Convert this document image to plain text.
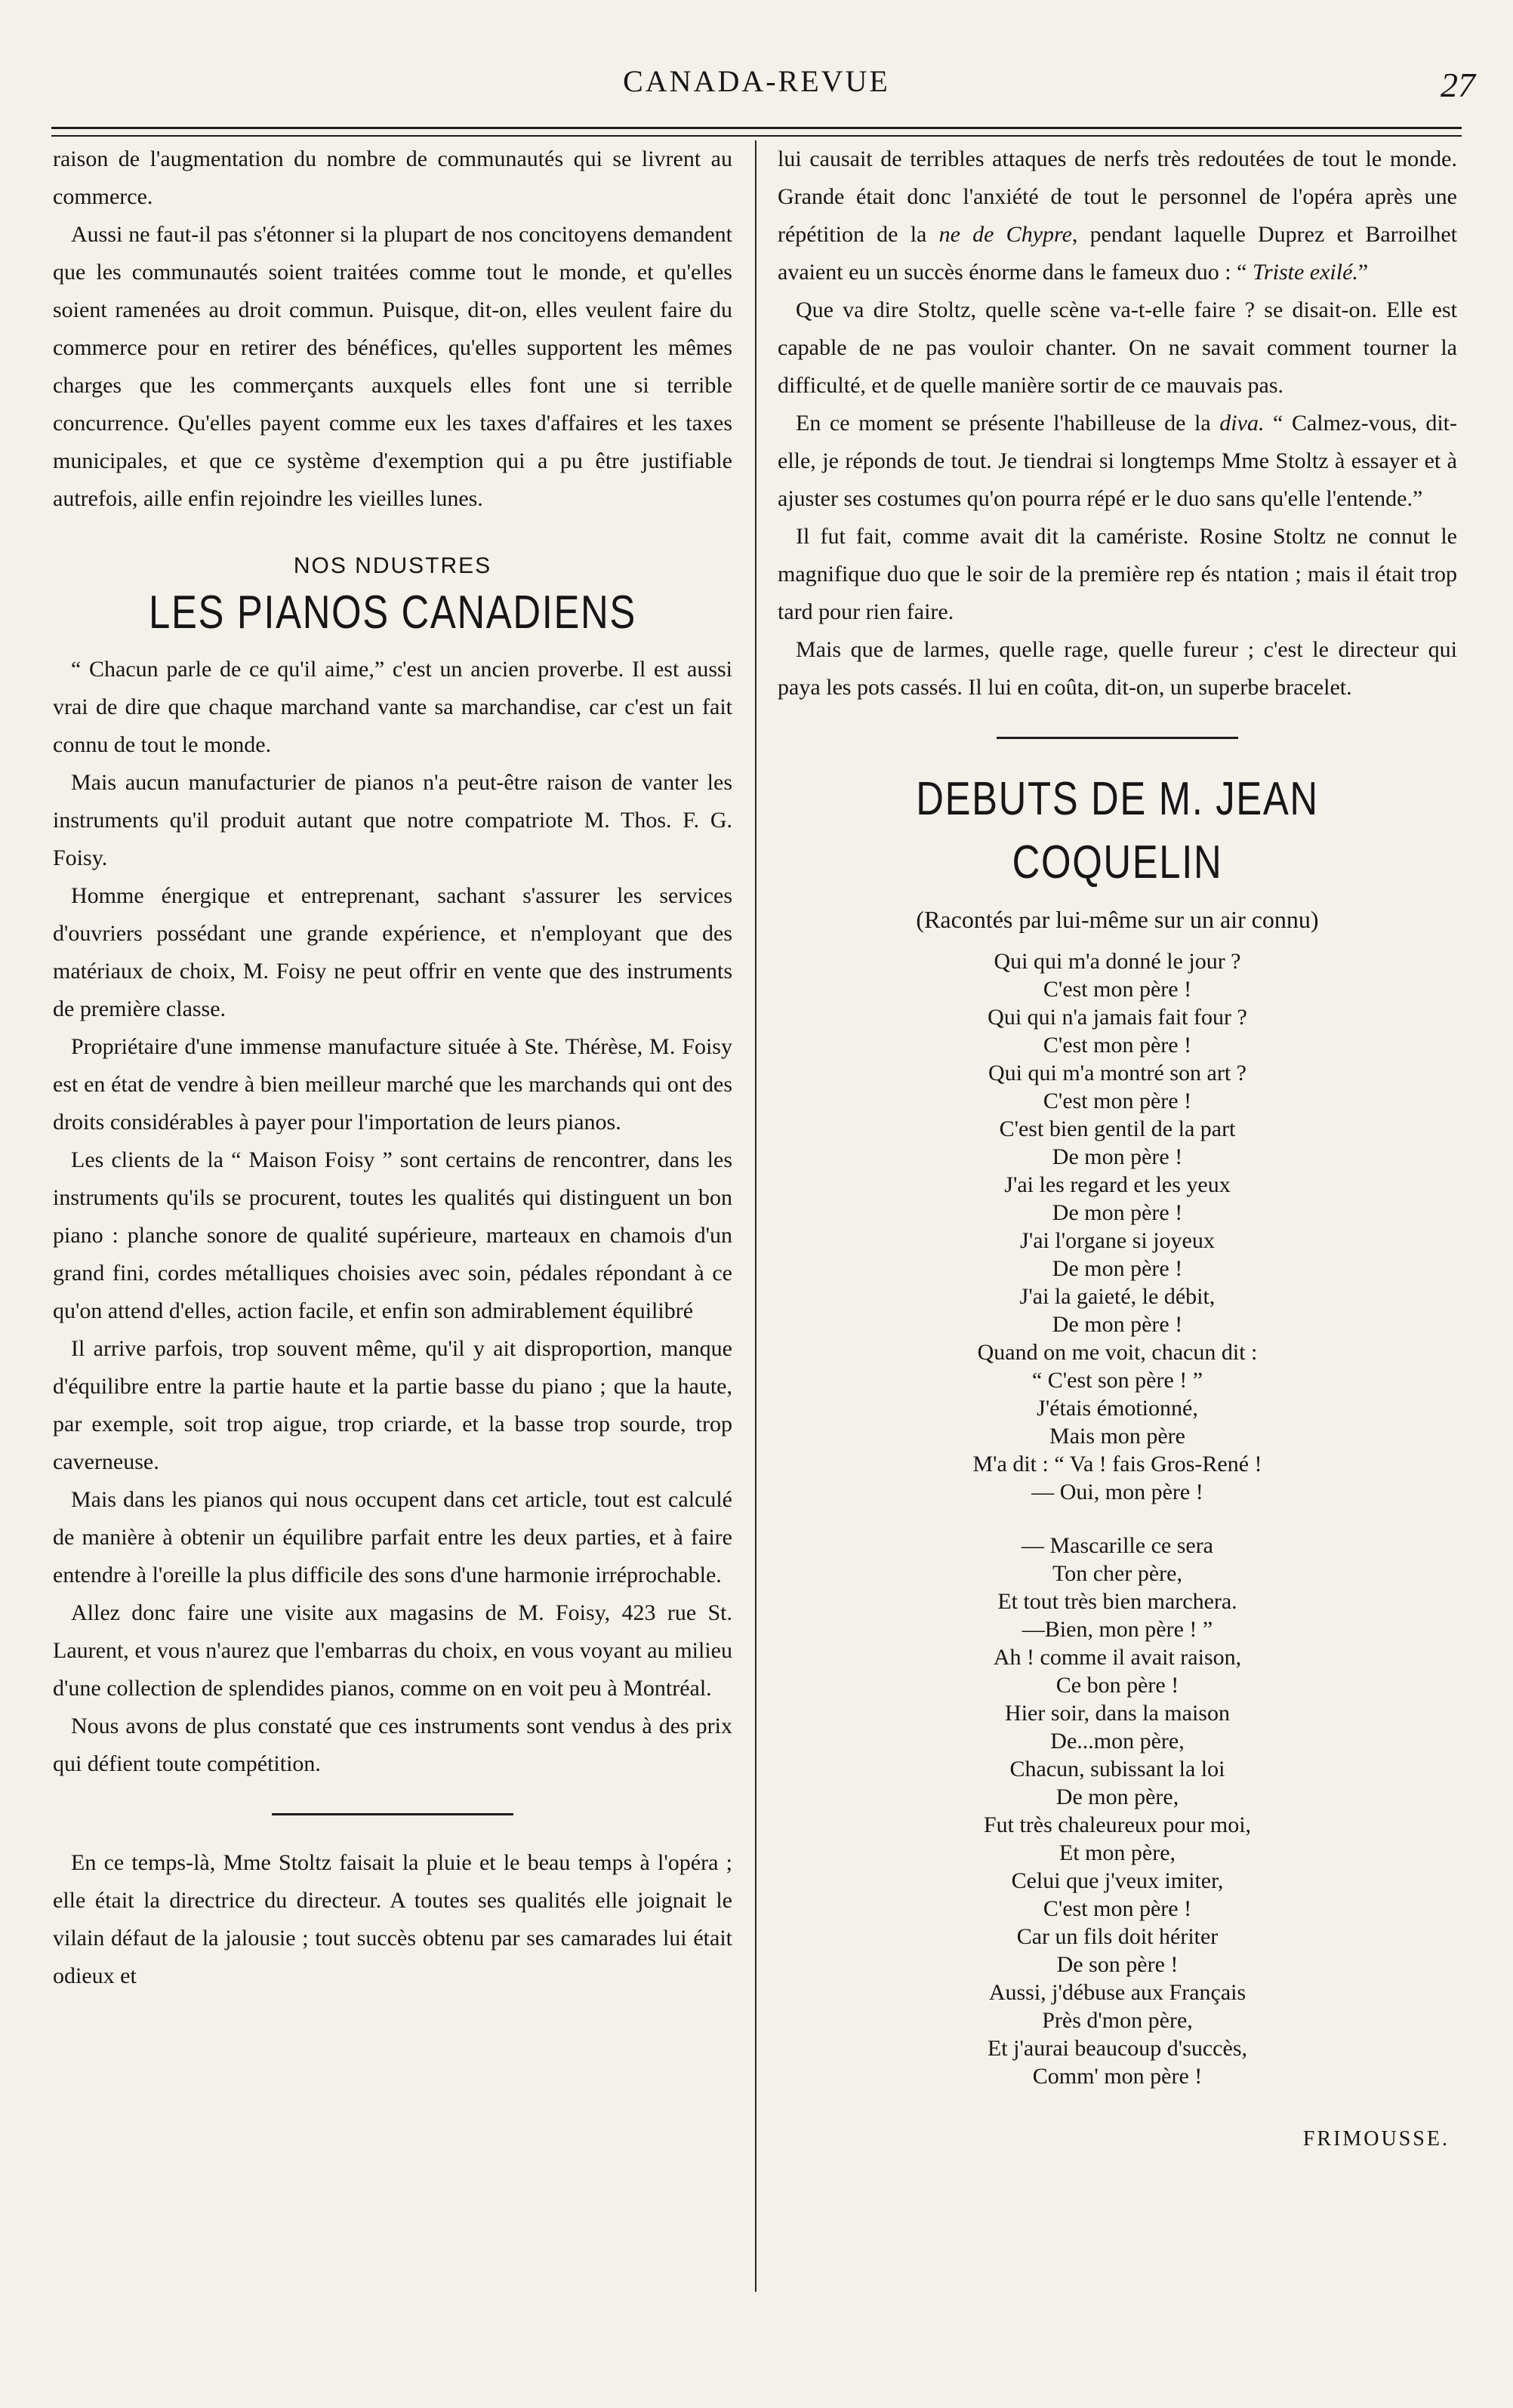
CANADA-REVUE	27

raison de l'augmentation du nombre de communautés qui se livrent au commerce.

Aussi ne faut-il pas s'étonner si la plupart de nos concitoyens demandent que les communautés soient traitées comme tout le monde, et qu'elles soient ramenées au droit commun. Puisque, dit-on, elles veulent faire du commerce pour en retirer des bénéfices, qu'elles supportent les mêmes charges que les commerçants auxquels elles font une si terrible concurrence. Qu'elles payent comme eux les taxes d'affaires et les taxes municipales, et que ce système d'exemption qui a pu être justifiable autrefois, aille enfin rejoindre les vieilles lunes.

NOS NDUSTRES
LES PIANOS CANADIENS

“ Chacun parle de ce qu'il aime,” c'est un ancien proverbe. Il est aussi vrai de dire que chaque marchand vante sa marchandise, car c'est un fait connu de tout le monde.

Mais aucun manufacturier de pianos n'a peut-être raison de vanter les instruments qu'il produit autant que notre compatriote M. Thos. F. G. Foisy.

Homme énergique et entreprenant, sachant s'assurer les services d'ouvriers possédant une grande expérience, et n'employant que des matériaux de choix, M. Foisy ne peut offrir en vente que des instruments de première classe.

Propriétaire d'une immense manufacture située à Ste. Thérèse, M. Foisy est en état de vendre à bien meilleur marché que les marchands qui ont des droits considérables à payer pour l'importation de leurs pianos.

Les clients de la “ Maison Foisy ” sont certains de rencontrer, dans les instruments qu'ils se procurent, toutes les qualités qui distinguent un bon piano : planche sonore de qualité supérieure, marteaux en chamois d'un grand fini, cordes métalliques choisies avec soin, pédales répondant à ce qu'on attend d'elles, action facile, et enfin son admirablement équilibré

Il arrive parfois, trop souvent même, qu'il y ait disproportion, manque d'équilibre entre la partie haute et la partie basse du piano ; que la haute, par exemple, soit trop aigue, trop criarde, et la basse trop sourde, trop caverneuse.

Mais dans les pianos qui nous occupent dans cet article, tout est calculé de manière à obtenir un équilibre parfait entre les deux parties, et à faire entendre à l'oreille la plus difficile des sons d'une harmonie irréprochable.

Allez donc faire une visite aux magasins de M. Foisy, 423 rue St. Laurent, et vous n'aurez que l'embarras du choix, en vous voyant au milieu d'une collection de splendides pianos, comme on en voit peu à Montréal.

Nous avons de plus constaté que ces instruments sont vendus à des prix qui défient toute compétition.

En ce temps-là, Mme Stoltz faisait la pluie et le beau temps à l'opéra ; elle était la directrice du directeur. A toutes ses qualités elle joignait le vilain défaut de la jalousie ; tout succès obtenu par ses camarades lui était odieux et

lui causait de terribles attaques de nerfs très redoutées de tout le monde. Grande était donc l'anxiété de tout le personnel de l'opéra après une répétition de la ne de Chypre, pendant laquelle Duprez et Barroilhet avaient eu un succès énorme dans le fameux duo : “ Triste exilé.”

Que va dire Stoltz, quelle scène va-t-elle faire ? se disait-on. Elle est capable de ne pas vouloir chanter. On ne savait comment tourner la difficulté, et de quelle manière sortir de ce mauvais pas.

En ce moment se présente l'habilleuse de la diva. “ Calmez-vous, dit-elle, je réponds de tout. Je tiendrai si longtemps Mme Stoltz à essayer et à ajuster ses costumes qu'on pourra répé er le duo sans qu'elle l'entende.”

Il fut fait, comme avait dit la camériste. Rosine Stoltz ne connut le magnifique duo que le soir de la première rep és ntation ; mais il était trop tard pour rien faire.

Mais que de larmes, quelle rage, quelle fureur ; c'est le directeur qui paya les pots cassés. Il lui en coûta, dit-on, un superbe bracelet.

DEBUTS DE M. JEAN COQUELIN
(Racontés par lui-même sur un air connu)
Qui qui m'a donné le jour ?
C'est mon père !
Qui qui n'a jamais fait four ?
C'est mon père !
Qui qui m'a montré son art ?
C'est mon père !
C'est bien gentil de la part
De mon père !
J'ai les regard et les yeux
De mon père !
J'ai l'organe si joyeux
De mon père !
J'ai la gaieté, le débit,
De mon père !
Quand on me voit, chacun dit :
“ C'est son père ! ”
J'étais émotionné,
Mais mon père
M'a dit : “ Va ! fais Gros-René !
— Oui, mon père !
— Mascarille ce sera
Ton cher père,
Et tout très bien marchera.
—Bien, mon père ! ”
Ah ! comme il avait raison,
Ce bon père !
Hier soir, dans la maison
De...mon père,
Chacun, subissant la loi
De mon père,
Fut très chaleureux pour moi,
Et mon père,
Celui que j'veux imiter,
C'est mon père !
Car un fils doit hériter
De son père !
Aussi, j'débuse aux Français
Près d'mon père,
Et j'aurai beaucoup d'succès,
Comm' mon père !
FRIMOUSSE.
